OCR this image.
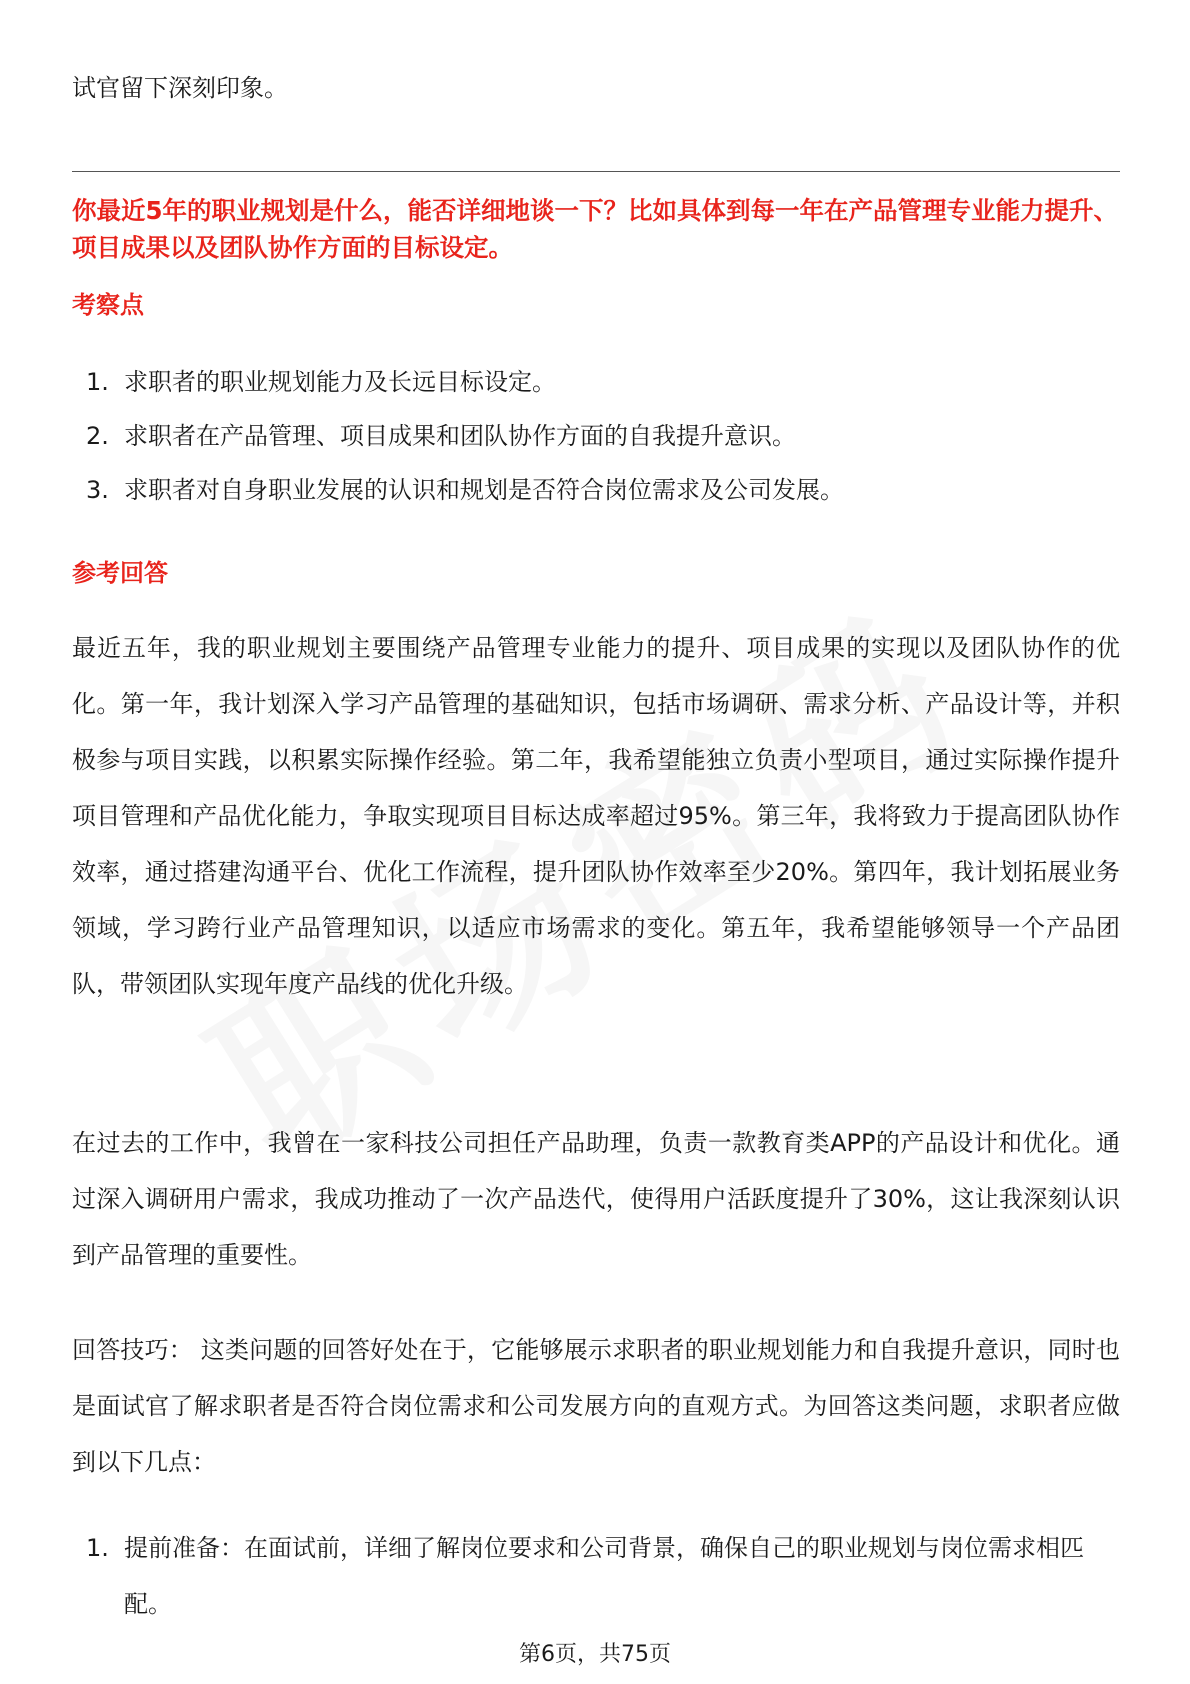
试官留下深刻印象。

你最近5年的职业规划是什么，能否详细地谈一下？比如具体到每一年在产品管理专业能力提升、项目成果以及团队协作方面的目标设定。

考察点
1. 求职者的职业规划能力及长远目标设定。
2. 求职者在产品管理、项目成果和团队协作方面的自我提升意识。
3. 求职者对自身职业发展的认识和规划是否符合岗位需求及公司发展。
参考回答

最近五年，我的职业规划主要围绕产品管理专业能力的提升、项目成果的实现以及团队协作的优化。第一年，我计划深入学习产品管理的基础知识，包括市场调研、需求分析、产品设计等，并积极参与项目实践，以积累实际操作经验。第二年，我希望能独立负责小型项目，通过实际操作提升项目管理和产品优化能力，争取实现项目目标达成率超过95%。第三年，我将致力于提高团队协作效率，通过搭建沟通平台、优化工作流程，提升团队协作效率至少20%。第四年，我计划拓展业务领域，学习跨行业产品管理知识，以适应市场需求的变化。第五年，我希望能够领导一个产品团队，带领团队实现年度产品线的优化升级。

在过去的工作中，我曾在一家科技公司担任产品助理，负责一款教育类APP的产品设计和优化。通过深入调研用户需求，我成功推动了一次产品迭代，使得用户活跃度提升了30%，这让我深刻认识到产品管理的重要性。

回答技巧： 这类问题的回答好处在于，它能够展示求职者的职业规划能力和自我提升意识，同时也是面试官了解求职者是否符合岗位需求和公司发展方向的直观方式。为回答这类问题，求职者应做到以下几点：

1. 提前准备：在面试前，详细了解岗位要求和公司背景，确保自己的职业规划与岗位需求相匹配。
第6页，共75页
